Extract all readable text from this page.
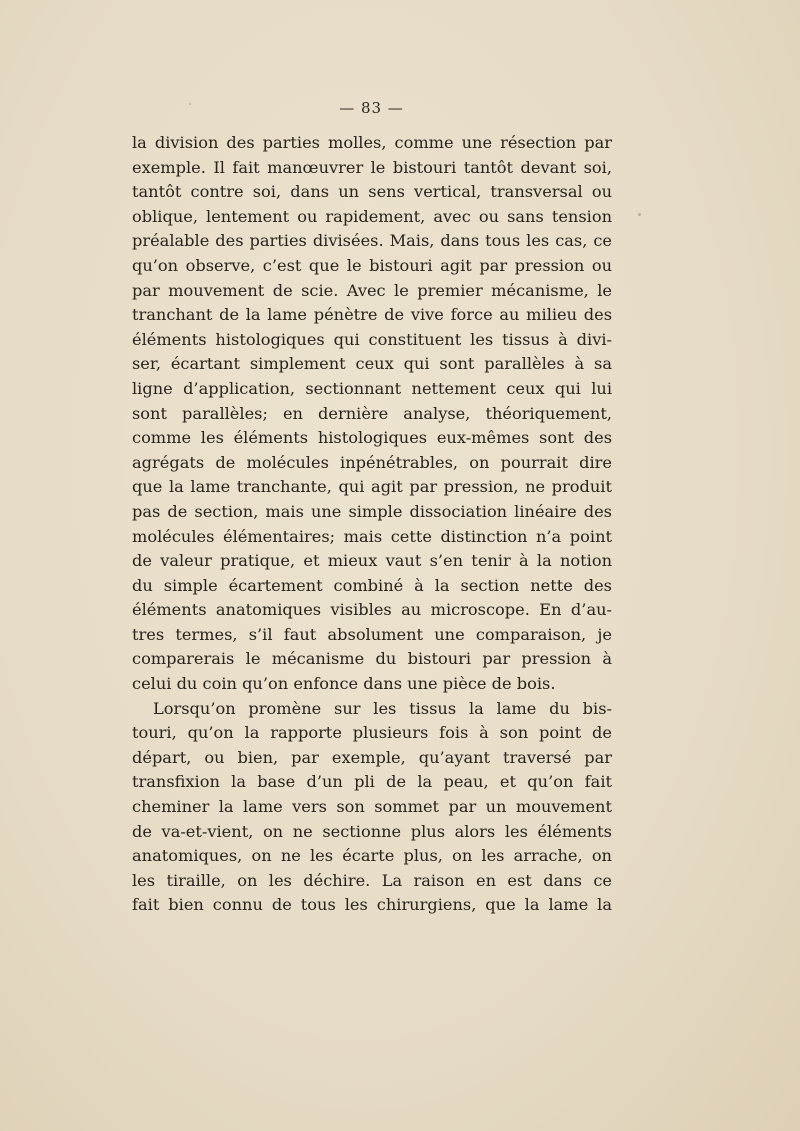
— 83 —
la division des parties molles, comme une résection par
exemple. Il fait manœuvrer le bistouri tantôt devant soi,
tantôt contre soi, dans un sens vertical, transversal ou
oblique, lentement ou rapidement, avec ou sans tension
préalable des parties divisées. Mais, dans tous les cas, ce
qu’on observe, c’est que le bistouri agit par pression ou
par mouvement de scie. Avec le premier mécanisme, le
tranchant de la lame pénètre de vive force au milieu des
éléments histologiques qui constituent les tissus à divi-
ser, écartant simplement ceux qui sont parallèles à sa
ligne d’application, sectionnant nettement ceux qui lui
sont parallèles; en dernière analyse, théoriquement,
comme les éléments histologiques eux-mêmes sont des
agrégats de molécules inpénétrables, on pourrait dire
que la lame tranchante, qui agit par pression, ne produit
pas de section, mais une simple dissociation linéaire des
molécules élémentaires; mais cette distinction n’a point
de valeur pratique, et mieux vaut s’en tenir à la notion
du simple écartement combiné à la section nette des
éléments anatomiques visibles au microscope. En d’au-
tres termes, s’il faut absolument une comparaison, je
comparerais le mécanisme du bistouri par pression à
celui du coin qu’on enfonce dans une pièce de bois.
Lorsqu’on promène sur les tissus la lame du bis-
touri, qu’on la rapporte plusieurs fois à son point de
départ, ou bien, par exemple, qu’ayant traversé par
transfixion la base d’un pli de la peau, et qu’on fait
cheminer la lame vers son sommet par un mouvement
de va-et-vient, on ne sectionne plus alors les éléments
anatomiques, on ne les écarte plus, on les arrache, on
les tiraille, on les déchire. La raison en est dans ce
fait bien connu de tous les chirurgiens, que la lame la
